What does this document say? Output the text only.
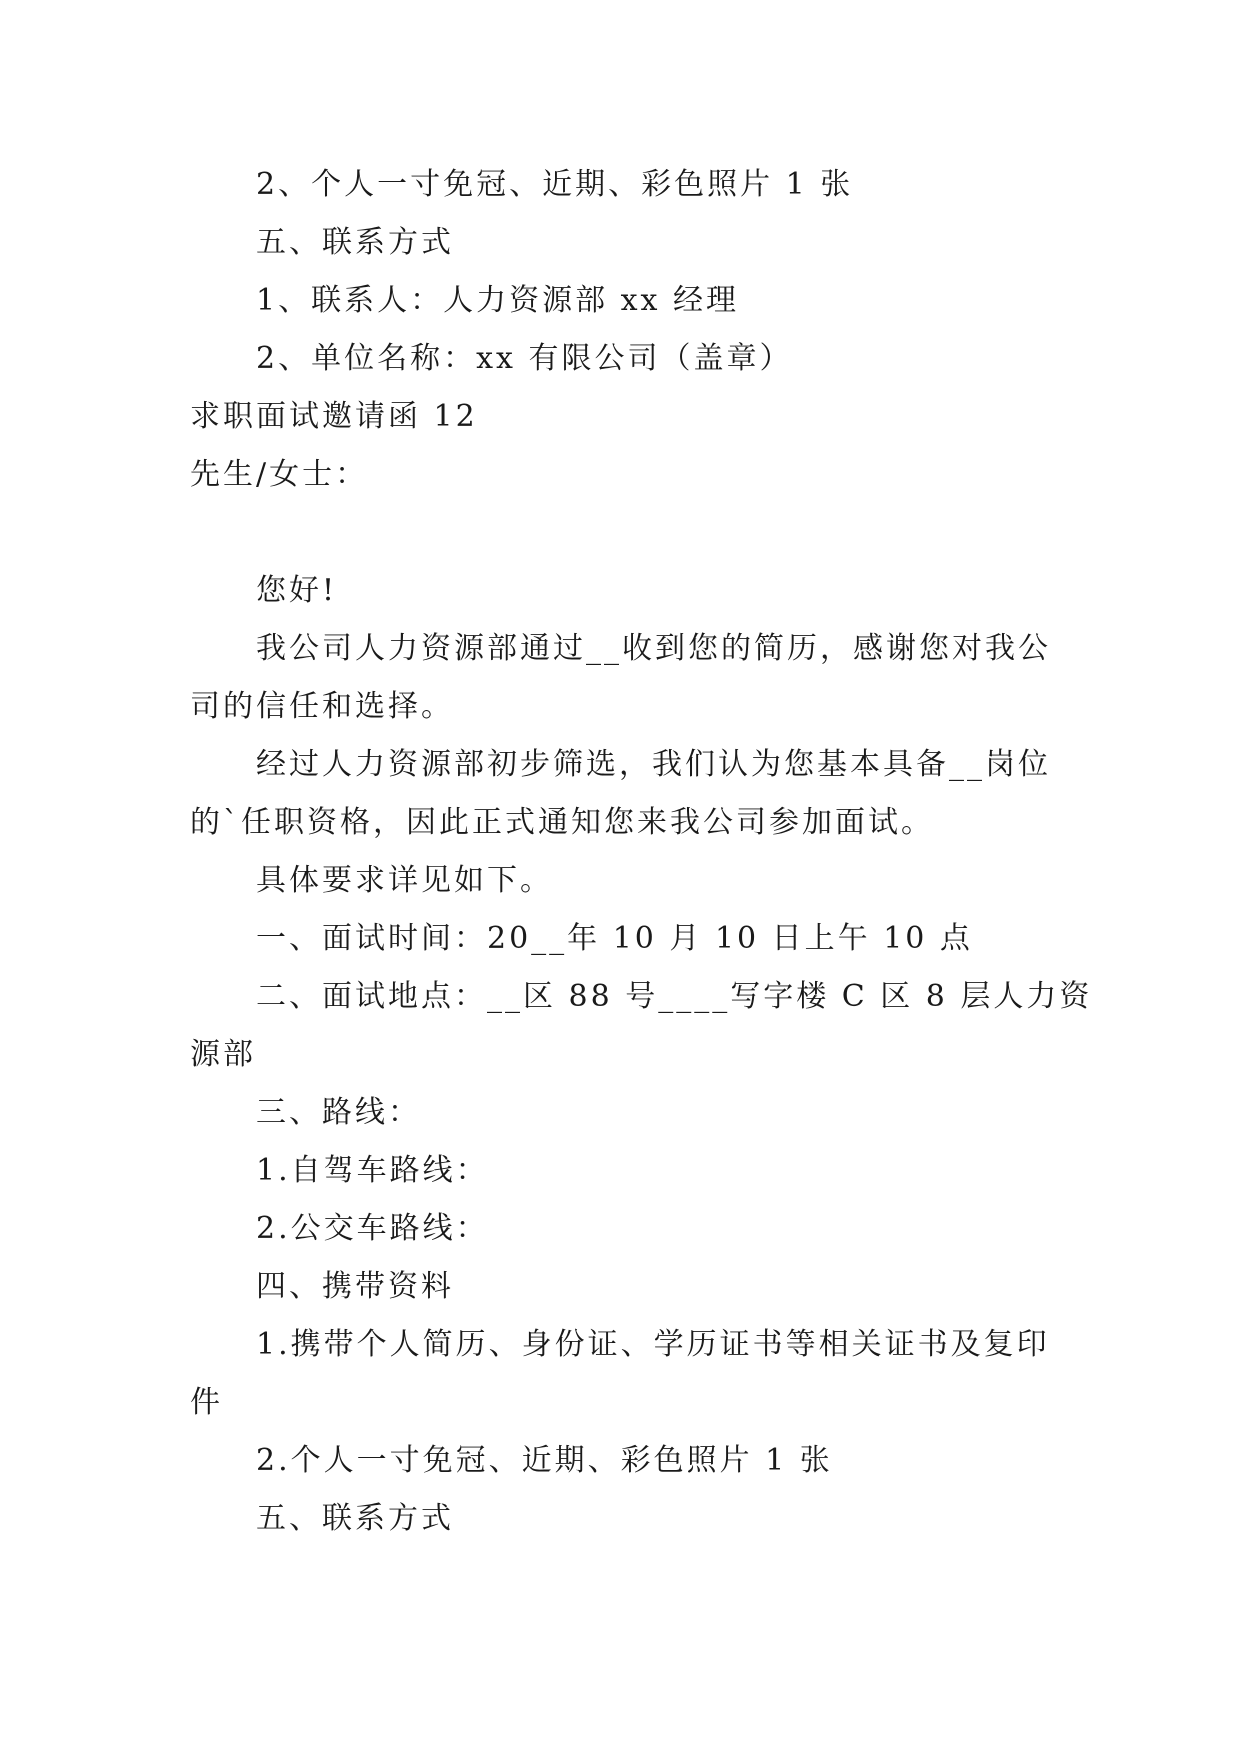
2、个人一寸免冠、近期、彩色照片 1 张
五、联系方式
1、联系人：人力资源部 xx 经理
2、单位名称：xx 有限公司（盖章）
求职面试邀请函 12
先生/女士：
您好!
我公司人力资源部通过__收到您的简历，感谢您对我公
司的信任和选择。
经过人力资源部初步筛选，我们认为您基本具备__岗位
的`任职资格，因此正式通知您来我公司参加面试。
具体要求详见如下。
一、面试时间：20__年 10 月 10 日上午 10 点
二、面试地点：__区 88 号____写字楼 C 区 8 层人力资
源部
三、路线：
1.自驾车路线：
2.公交车路线：
四、携带资料
1.携带个人简历、身份证、学历证书等相关证书及复印
件
2.个人一寸免冠、近期、彩色照片 1 张
五、联系方式
